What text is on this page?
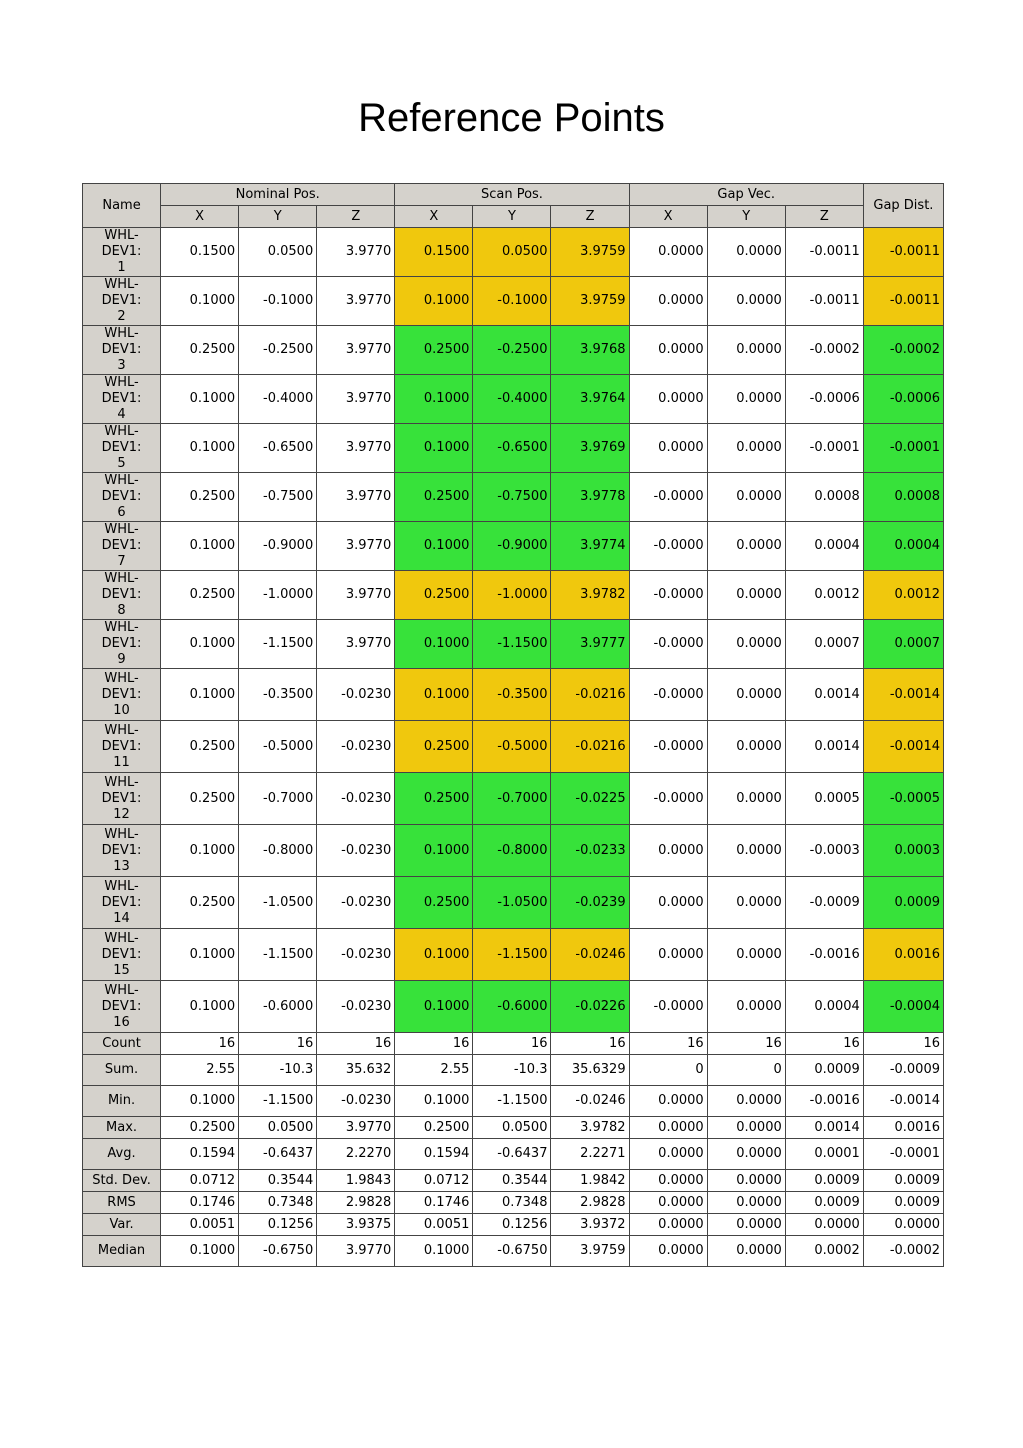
Reference Points
Name	Nominal Pos.			Scan Pos.			Gap Vec.			Gap Dist.
	X	Y	Z	X	Y	Z	X	Y	Z	
WHL-DEV1:
1	0.1500	0.0500	3.9770	0.1500	0.0500	3.9759	0.0000	0.0000	-0.0011	-0.0011
WHL-DEV1:
2	0.1000	-0.1000	3.9770	0.1000	-0.1000	3.9759	0.0000	0.0000	-0.0011	-0.0011
WHL-DEV1:
3	0.2500	-0.2500	3.9770	0.2500	-0.2500	3.9768	0.0000	0.0000	-0.0002	-0.0002
WHL-DEV1:
4	0.1000	-0.4000	3.9770	0.1000	-0.4000	3.9764	0.0000	0.0000	-0.0006	-0.0006
WHL-DEV1:
5	0.1000	-0.6500	3.9770	0.1000	-0.6500	3.9769	0.0000	0.0000	-0.0001	-0.0001
WHL-DEV1:
6	0.2500	-0.7500	3.9770	0.2500	-0.7500	3.9778	-0.0000	0.0000	0.0008	0.0008
WHL-DEV1:
7	0.1000	-0.9000	3.9770	0.1000	-0.9000	3.9774	-0.0000	0.0000	0.0004	0.0004
WHL-DEV1:
8	0.2500	-1.0000	3.9770	0.2500	-1.0000	3.9782	-0.0000	0.0000	0.0012	0.0012
WHL-DEV1:
9	0.1000	-1.1500	3.9770	0.1000	-1.1500	3.9777	-0.0000	0.0000	0.0007	0.0007
WHL-DEV1:
10	0.1000	-0.3500	-0.0230	0.1000	-0.3500	-0.0216	-0.0000	0.0000	0.0014	-0.0014
WHL-DEV1:
11	0.2500	-0.5000	-0.0230	0.2500	-0.5000	-0.0216	-0.0000	0.0000	0.0014	-0.0014
WHL-DEV1:
12	0.2500	-0.7000	-0.0230	0.2500	-0.7000	-0.0225	-0.0000	0.0000	0.0005	-0.0005
WHL-DEV1:
13	0.1000	-0.8000	-0.0230	0.1000	-0.8000	-0.0233	0.0000	0.0000	-0.0003	0.0003
WHL-DEV1:
14	0.2500	-1.0500	-0.0230	0.2500	-1.0500	-0.0239	0.0000	0.0000	-0.0009	0.0009
WHL-DEV1:
15	0.1000	-1.1500	-0.0230	0.1000	-1.1500	-0.0246	0.0000	0.0000	-0.0016	0.0016
WHL-DEV1:
16	0.1000	-0.6000	-0.0230	0.1000	-0.6000	-0.0226	-0.0000	0.0000	0.0004	-0.0004
Count	16	16	16	16	16	16	16	16	16	16
Sum.	2.55	-10.3	35.632	2.55	-10.3	35.6329	0	0	0.0009	-0.0009
Min.	0.1000	-1.1500	-0.0230	0.1000	-1.1500	-0.0246	0.0000	0.0000	-0.0016	-0.0014
Max.	0.2500	0.0500	3.9770	0.2500	0.0500	3.9782	0.0000	0.0000	0.0014	0.0016
Avg.	0.1594	-0.6437	2.2270	0.1594	-0.6437	2.2271	0.0000	0.0000	0.0001	-0.0001
Std. Dev.	0.0712	0.3544	1.9843	0.0712	0.3544	1.9842	0.0000	0.0000	0.0009	0.0009
RMS	0.1746	0.7348	2.9828	0.1746	0.7348	2.9828	0.0000	0.0000	0.0009	0.0009
Var.	0.0051	0.1256	3.9375	0.0051	0.1256	3.9372	0.0000	0.0000	0.0000	0.0000
Median	0.1000	-0.6750	3.9770	0.1000	-0.6750	3.9759	0.0000	0.0000	0.0002	-0.0002
